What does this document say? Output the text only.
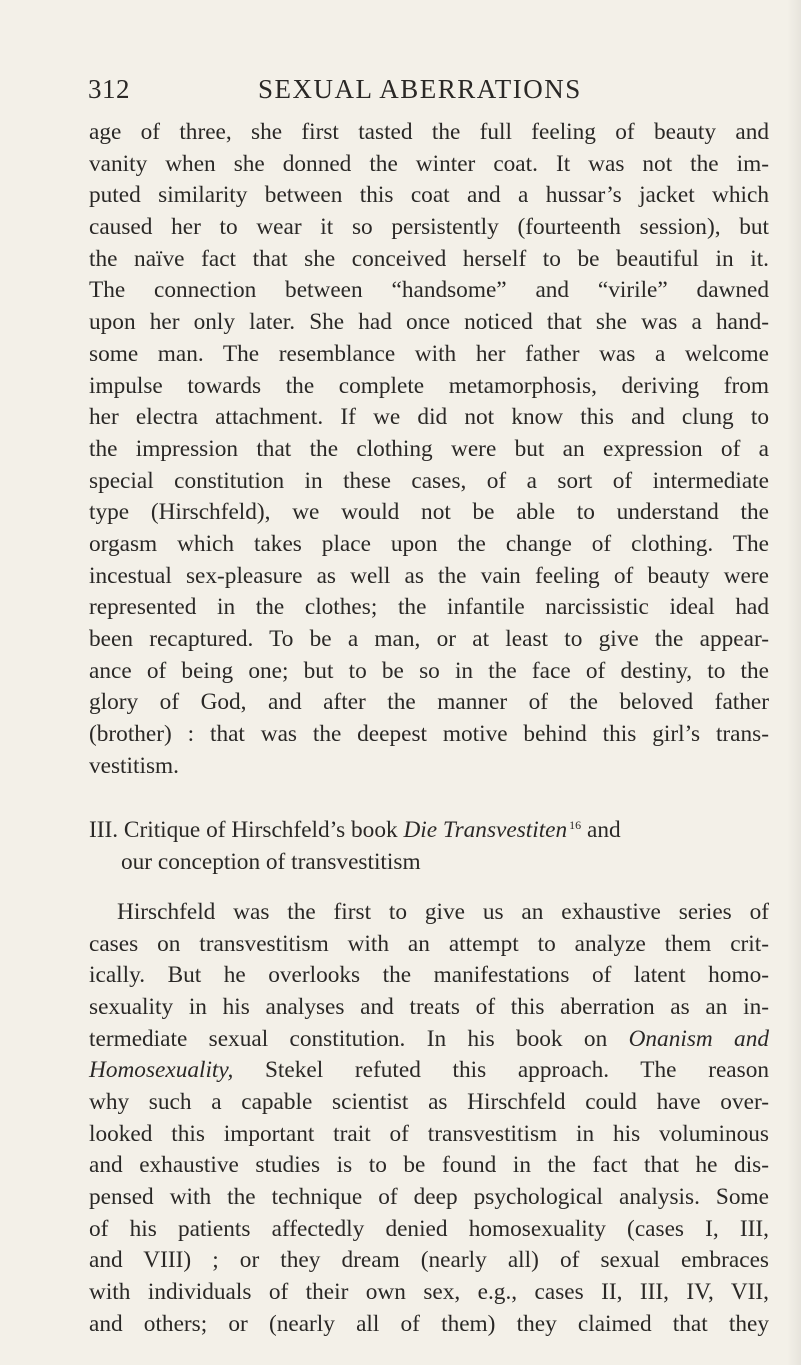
312	SEXUAL ABERRATIONS
age of three, she first tasted the full feeling of beauty and
vanity when she donned the winter coat. It was not the im-
puted similarity between this coat and a hussar’s jacket which
caused her to wear it so persistently (fourteenth session), but
the naïve fact that she conceived herself to be beautiful in it.
The connection between “handsome” and “virile” dawned
upon her only later. She had once noticed that she was a hand-
some man. The resemblance with her father was a welcome
impulse towards the complete metamorphosis, deriving from
her electra attachment. If we did not know this and clung to
the impression that the clothing were but an expression of a
special constitution in these cases, of a sort of intermediate
type (Hirschfeld), we would not be able to understand the
orgasm which takes place upon the change of clothing. The
incestual sex-pleasure as well as the vain feeling of beauty were
represented in the clothes; the infantile narcissistic ideal had
been recaptured. To be a man, or at least to give the appear-
ance of being one; but to be so in the face of destiny, to the
glory of God, and after the manner of the beloved father
(brother) : that was the deepest motive behind this girl’s trans-
vestitism.
III. Critique of Hirschfeld’s book Die Transvestiten $^{16}$ and
our conception of transvestitism
Hirschfeld was the first to give us an exhaustive series of
cases on transvestitism with an attempt to analyze them crit-
ically. But he overlooks the manifestations of latent homo-
sexuality in his analyses and treats of this aberration as an in-
termediate sexual constitution. In his book on Onanism and
Homosexuality, Stekel refuted this approach. The reason
why such a capable scientist as Hirschfeld could have over-
looked this important trait of transvestitism in his voluminous
and exhaustive studies is to be found in the fact that he dis-
pensed with the technique of deep psychological analysis. Some
of his patients affectedly denied homosexuality (cases I, III,
and VIII) ; or they dream (nearly all) of sexual embraces
with individuals of their own sex, e.g., cases II, III, IV, VII,
and others; or (nearly all of them) they claimed that they
